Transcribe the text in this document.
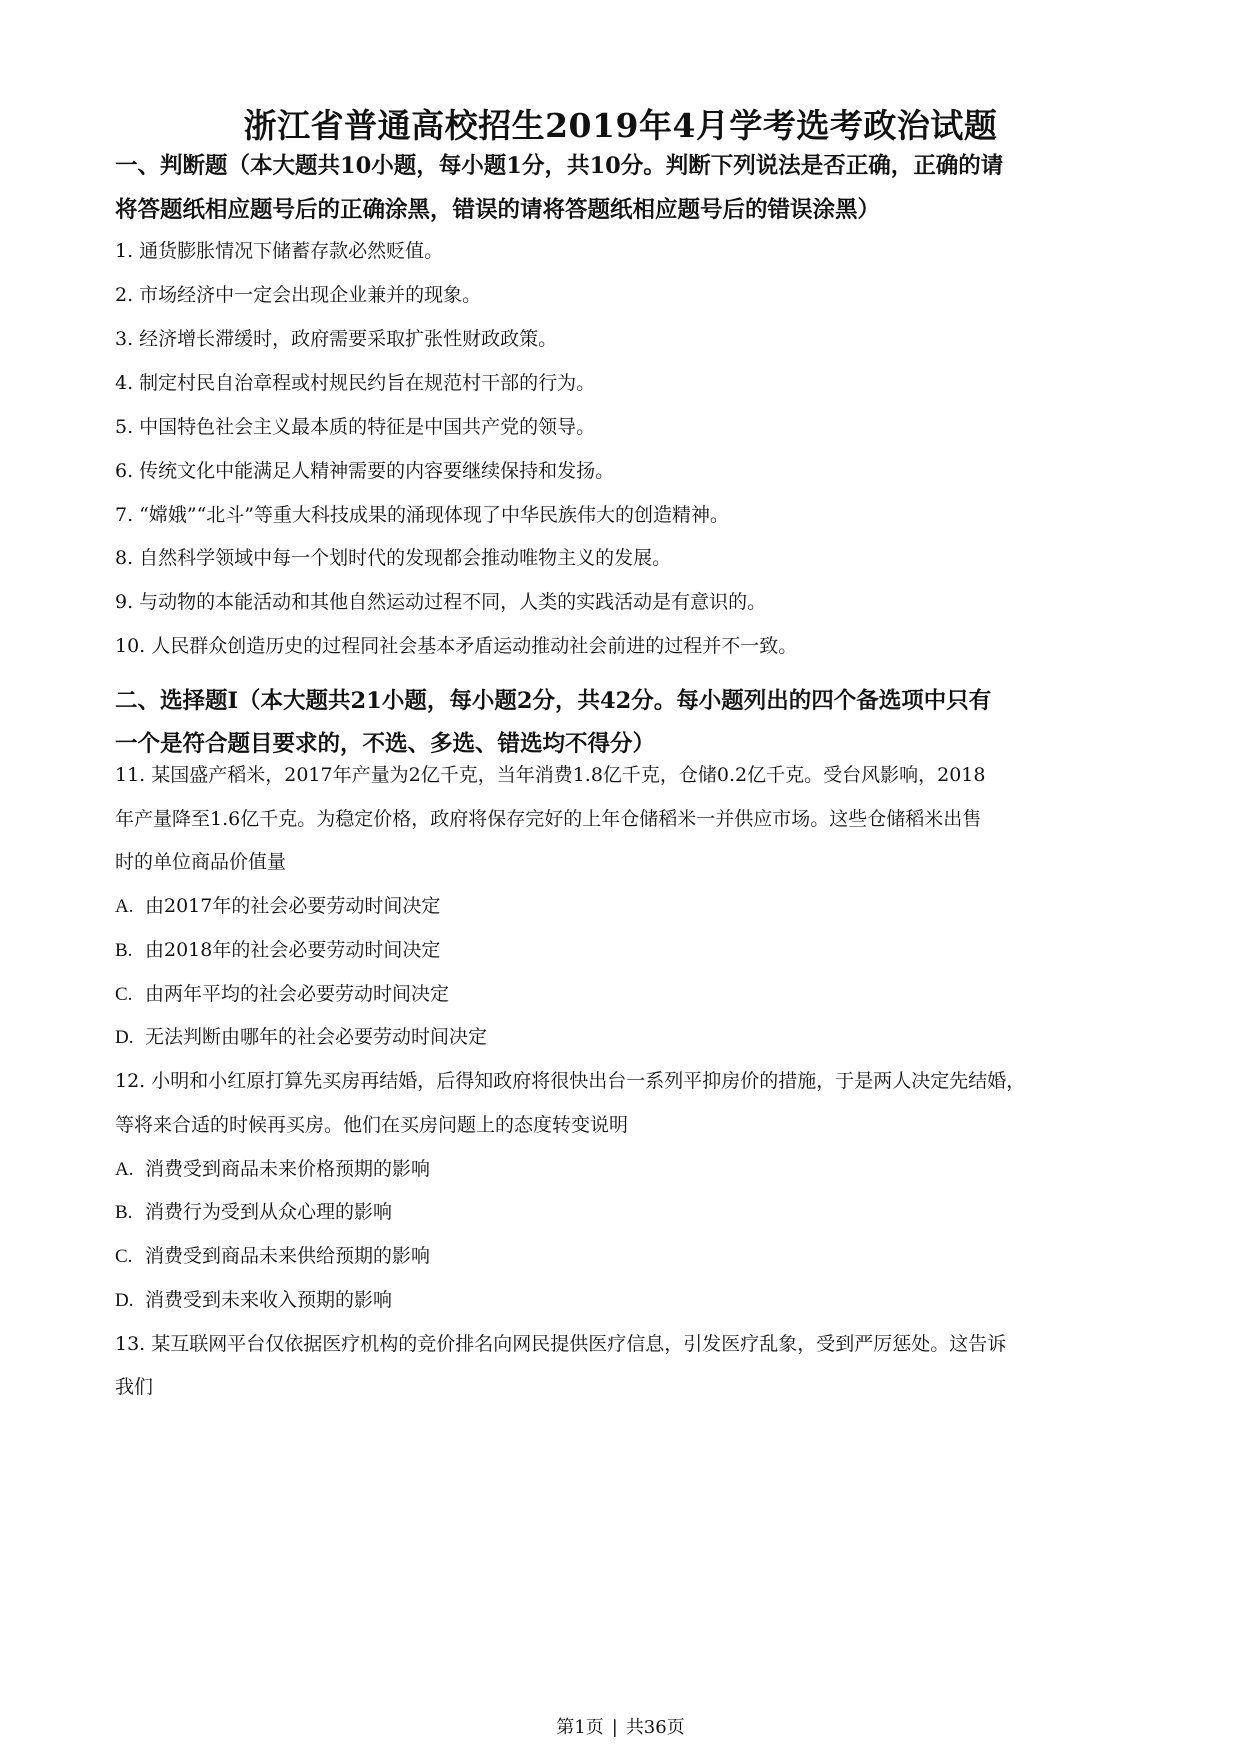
浙江省普通高校招生2019年4月学考选考政治试题

一、判断题（本大题共10小题，每小题1分，共10分。判断下列说法是否正确，正确的请

将答题纸相应题号后的正确涂黑，错误的请将答题纸相应题号后的错误涂黑）

1. 通货膨胀情况下储蓄存款必然贬值。

2. 市场经济中一定会出现企业兼并的现象。

3. 经济增长滞缓时，政府需要采取扩张性财政政策。

4. 制定村民自治章程或村规民约旨在规范村干部的行为。

5. 中国特色社会主义最本质的特征是中国共产党的领导。

6. 传统文化中能满足人精神需要的内容要继续保持和发扬。

7. “嫦娥”“北斗”等重大科技成果的涌现体现了中华民族伟大的创造精神。

8. 自然科学领域中每一个划时代的发现都会推动唯物主义的发展。

9. 与动物的本能活动和其他自然运动过程不同，人类的实践活动是有意识的。

10. 人民群众创造历史的过程同社会基本矛盾运动推动社会前进的过程并不一致。

二、选择题Ⅰ（本大题共21小题，每小题2分，共42分。每小题列出的四个备选项中只有

一个是符合题目要求的，不选、多选、错选均不得分）

11. 某国盛产稻米，2017年产量为2亿千克，当年消费1.8亿千克，仓储0.2亿千克。受台风影响，2018

年产量降至1.6亿千克。为稳定价格，政府将保存完好的上年仓储稻米一并供应市场。这些仓储稻米出售

时的单位商品价值量

A. 由2017年的社会必要劳动时间决定

B. 由2018年的社会必要劳动时间决定

C. 由两年平均的社会必要劳动时间决定

D. 无法判断由哪年的社会必要劳动时间决定

12. 小明和小红原打算先买房再结婚，后得知政府将很快出台一系列平抑房价的措施，于是两人决定先结婚，

等将来合适的时候再买房。他们在买房问题上的态度转变说明

A. 消费受到商品未来价格预期的影响

B. 消费行为受到从众心理的影响

C. 消费受到商品未来供给预期的影响

D. 消费受到未来收入预期的影响

13. 某互联网平台仅依据医疗机构的竞价排名向网民提供医疗信息，引发医疗乱象，受到严厉惩处。这告诉

我们

第1页 | 共36页
